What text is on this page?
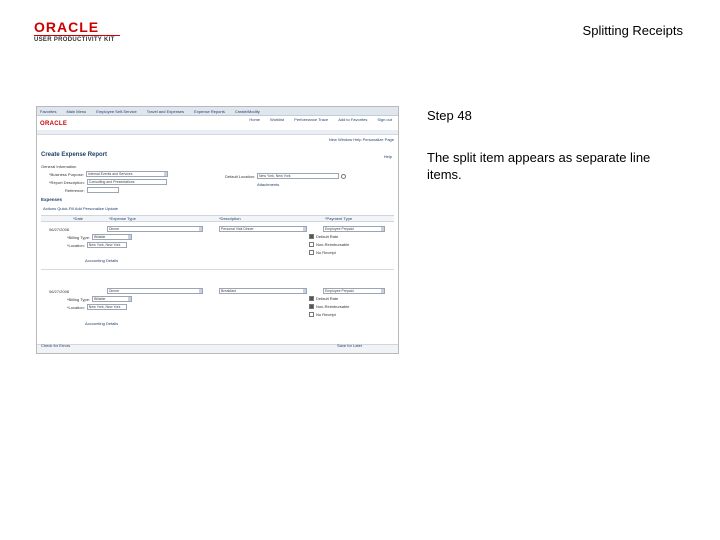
ORACLE
USER PRODUCTIVITY KIT
Splitting Receipts
Favorites	Main Menu	Employee Self-Service	Travel and Expenses	Expense Reports	Create/Modify
Home	Worklist	Performance Trace	Add to Favorites	Sign out
ORACLE
New Window Help Personalize Page
Create Expense Report	Help
General Information
*Business Purpose: Internal Events and Services
*Report Description: Consulting and Presentations
Reference:
Default Location: New York, New York
Attachments
Expenses
Actions Quick-Fill Add Personalize Update
*Date	*Expense Type	*Description	*Payment Type
06/27/2008	Dinner	Personal Visit Dinner	Employee Prepaid
*Billing Type: Billable
*Location: New York, New York
Default Rate
Non-Reimbursable
No Receipt
Accounting Details
06/27/2008	Dinner	Breakfast	Employee Prepaid
*Billing Type: Billable
*Location: New York, New York
Default Rate
Non-Reimbursable
No Receipt
Accounting Details
Check for Errors	Save for Later
Step 48
The split item appears as separate line items.
